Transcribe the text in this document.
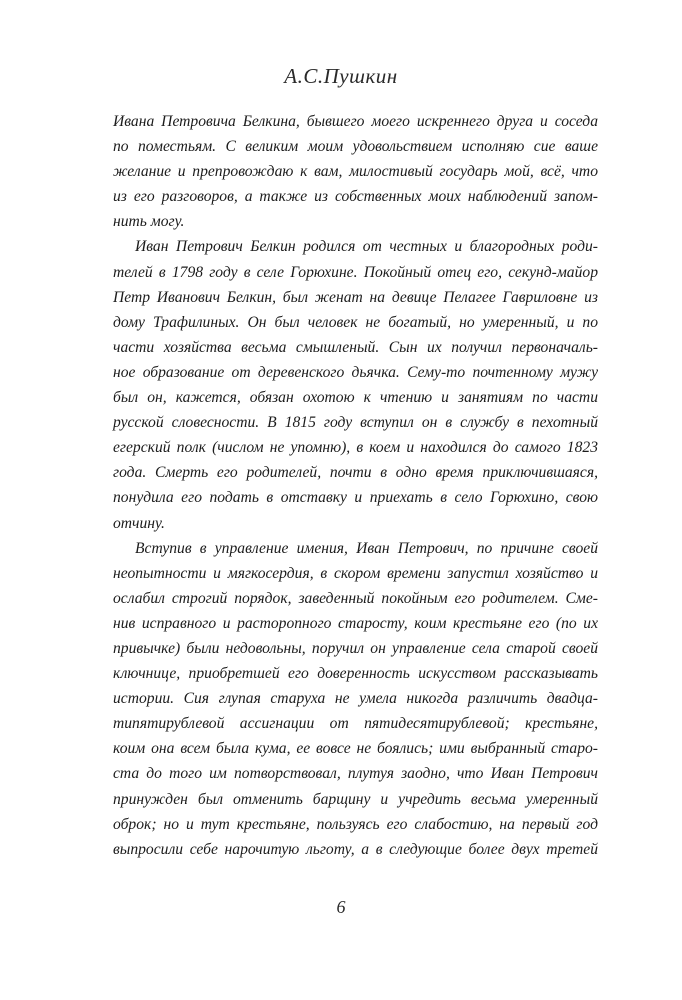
А.С.Пушкин
Ивана Петровича Белкина, бывшего моего искреннего друга и соседа
по поместьям. С великим моим удовольствием исполняю сие ваше
желание и препровождаю к вам, милостивый государь мой, всё, что
из его разговоров, а также из собственных моих наблюдений запом-
нить могу.
Иван Петрович Белкин родился от честных и благородных роди-
телей в 1798 году в селе Горюхине. Покойный отец его, секунд-майор
Петр Иванович Белкин, был женат на девице Пелагее Гавриловне из
дому Трафилиных. Он был человек не богатый, но умеренный, и по
части хозяйства весьма смышленый. Сын их получил первоначаль-
ное образование от деревенского дьячка. Сему-то почтенному мужу
был он, кажется, обязан охотою к чтению и занятиям по части
русской словесности. В 1815 году вступил он в службу в пехотный
егерский полк (числом не упомню), в коем и находился до самого 1823
года. Смерть его родителей, почти в одно время приключившаяся,
понудила его подать в отставку и приехать в село Горюхино, свою
отчину.
Вступив в управление имения, Иван Петрович, по причине своей
неопытности и мягкосердия, в скором времени запустил хозяйство и
ослабил строгий порядок, заведенный покойным его родителем. Сме-
нив исправного и расторопного старосту, коим крестьяне его (по их
привычке) были недовольны, поручил он управление села старой своей
ключнице, приобретшей его доверенность искусством рассказывать
истории. Сия глупая старуха не умела никогда различить двадца-
типятирублевой ассигнации от пятидесятирублевой; крестьяне,
коим она всем была кума, ее вовсе не боялись; ими выбранный старо-
ста до того им потворствовал, плутуя заодно, что Иван Петрович
принужден был отменить барщину и учредить весьма умеренный
оброк; но и тут крестьяне, пользуясь его слабостию, на первый год
выпросили себе нарочитую льготу, а в следующие более двух третей
6
